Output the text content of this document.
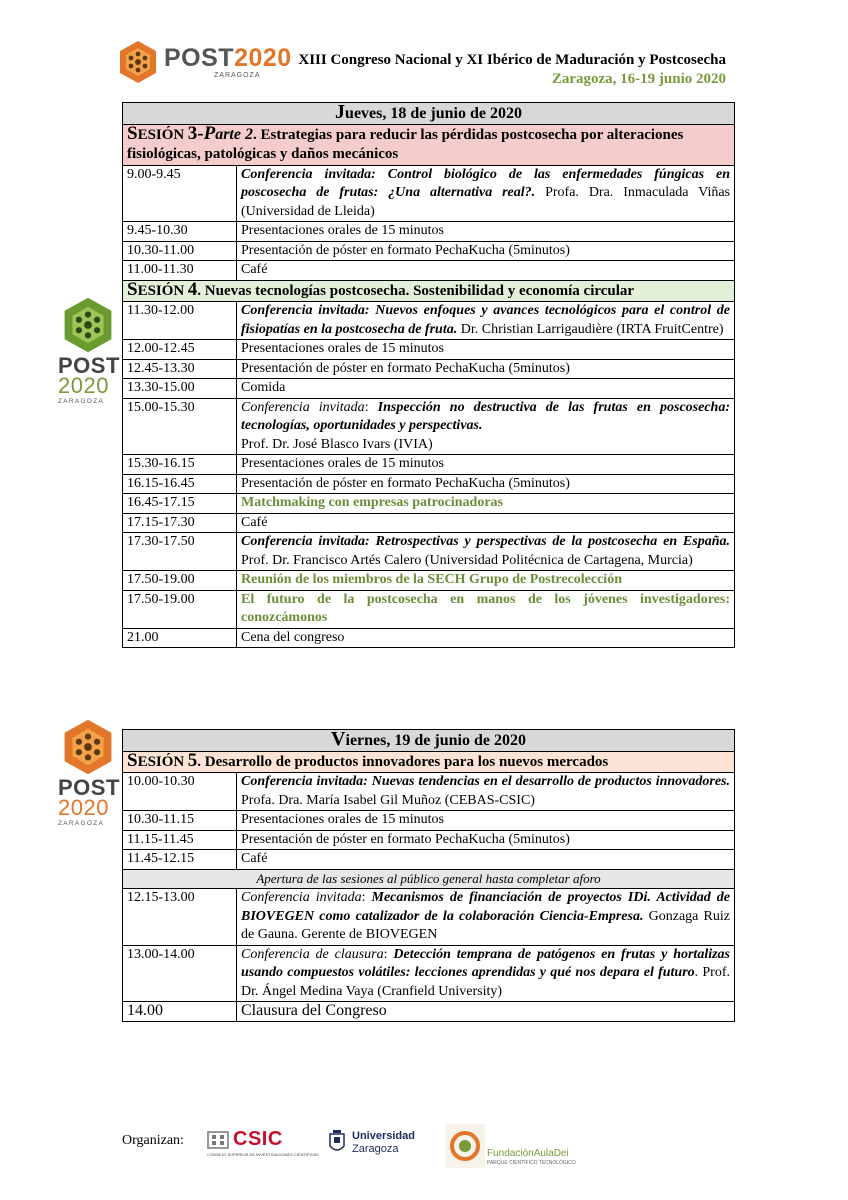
POST2020
ZARAGOZA
XIII Congreso Nacional y XI Ibérico de Maduración y Postcosecha
Zaragoza, 16-19 junio 2020
POST
2020
ZARAGOZA
POST
2020
ZARAGOZA
Jueves, 18 de junio de 2020	
SESIÓN 3-Parte 2. Estrategias para reducir las pérdidas postcosecha por alteraciones fisiológicas, patológicas y daños mecánicos	
9.00-9.45	Conferencia invitada: Control biológico de las enfermedades fúngicas en poscosecha de frutas: ¿Una alternativa real?. Profa. Dra. Inmaculada Viñas (Universidad de Lleida)
9.45-10.30	Presentaciones orales de 15 minutos
10.30-11.00	Presentación de póster en formato PechaKucha (5minutos)
11.00-11.30	Café
SESIÓN 4. Nuevas tecnologías postcosecha. Sostenibilidad y economía circular	
11.30-12.00	Conferencia invitada: Nuevos enfoques y avances tecnológicos para el control de fisiopatías en la postcosecha de fruta. Dr. Christian Larrigaudière (IRTA FruitCentre)
12.00-12.45	Presentaciones orales de 15 minutos
12.45-13.30	Presentación de póster en formato PechaKucha (5minutos)
13.30-15.00	Comida
15.00-15.30	Conferencia invitada: Inspección no destructiva de las frutas en poscosecha: tecnologías, oportunidades y perspectivas.
Prof. Dr. José Blasco Ivars (IVIA)
15.30-16.15	Presentaciones orales de 15 minutos
16.15-16.45	Presentación de póster en formato PechaKucha (5minutos)
16.45-17.15	Matchmaking con empresas patrocinadoras
17.15-17.30	Café
17.30-17.50	Conferencia invitada: Retrospectivas y perspectivas de la postcosecha en España. Prof. Dr. Francisco Artés Calero (Universidad Politécnica de Cartagena, Murcia)
17.50-19.00	Reunión de los miembros de la SECH Grupo de Postrecolección
17.50-19.00	El futuro de la postcosecha en manos de los jóvenes investigadores: conozcámonos
21.00	Cena del congreso
Viernes, 19 de junio de 2020	
SESIÓN 5. Desarrollo de productos innovadores para los nuevos mercados	
10.00-10.30	Conferencia invitada: Nuevas tendencias en el desarrollo de productos innovadores. Profa. Dra. María Isabel Gil Muñoz (CEBAS-CSIC)
10.30-11.15	Presentaciones orales de 15 minutos
11.15-11.45	Presentación de póster en formato PechaKucha (5minutos)
11.45-12.15	Café
Apertura de las sesiones al público general hasta completar aforo	
12.15-13.00	Conferencia invitada: Mecanismos de financiación de proyectos IDi. Actividad de BIOVEGEN como catalizador de la colaboración Ciencia-Empresa. Gonzaga Ruiz de Gauna. Gerente de BIOVEGEN
13.00-14.00	Conferencia de clausura: Detección temprana de patógenos en frutas y hortalizas usando compuestos volátiles: lecciones aprendidas y qué nos depara el futuro. Prof. Dr. Ángel Medina Vaya (Cranfield University)
14.00	Clausura del Congreso
Organizan: CSIC
CONSEJO SUPERIOR DE INVESTIGACIONES CIENTÍFICAS
Universidad
Zaragoza	FundaciónAulaDei
PARQUE CIENTÍFICO TECNOLÓGICO
